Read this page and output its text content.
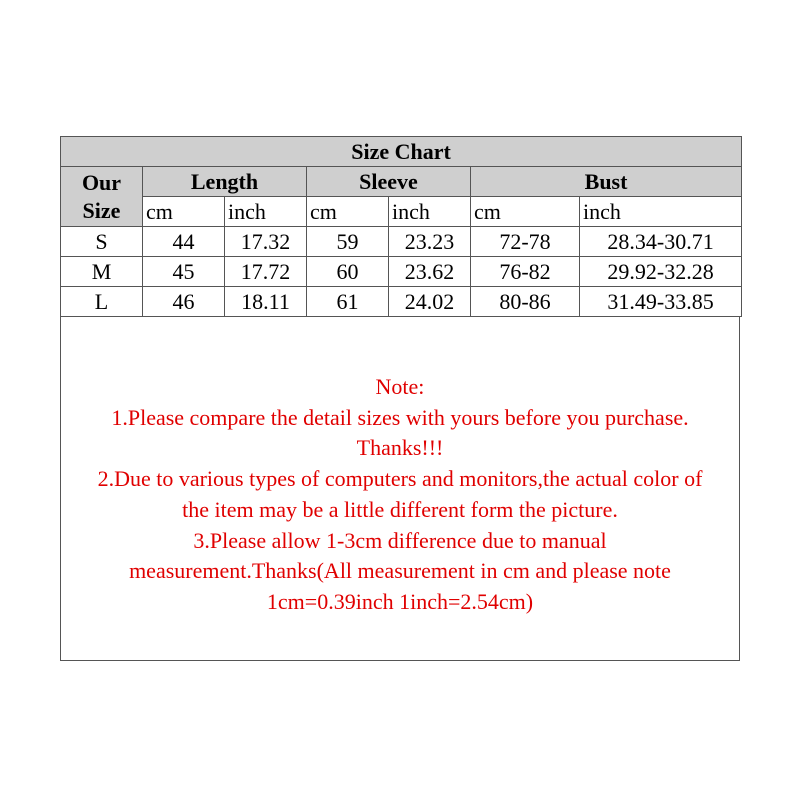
Size Chart						

Our
Size	Length		Sleeve		Bust	
	cm	inch	cm	inch	cm	inch
S	44	17.32	59	23.23	72-78	28.34-30.71
M	45	17.72	60	23.62	76-82	29.92-32.28
L	46	18.11	61	24.02	80-86	31.49-33.85
Note:
1.Please compare the detail sizes with yours before you purchase.
Thanks!!!
2.Due to various types of computers and monitors,the actual color of
the item may be a little different form the picture.
3.Please allow 1-3cm difference due to manual
measurement.Thanks(All measurement in cm and please note
1cm=0.39inch 1inch=2.54cm)
